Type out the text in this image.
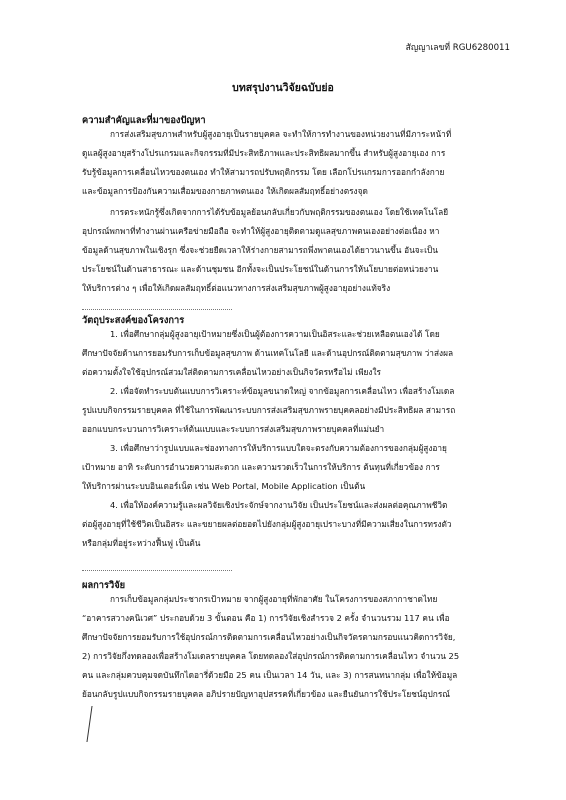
สัญญาเลขที่ RGU6280011
บทสรุปงานวิจัยฉบับย่อ
ความสำคัญและที่มาของปัญหา
การส่งเสริมสุขภาพสำหรับผู้สูงอายุเป็นรายบุคคล จะทำให้การทำงานของหน่วยงานที่มีภาระหน้าที่
ดูแลผู้สูงอายุสร้างโปรแกรมและกิจกรรมที่มีประสิทธิภาพและประสิทธิผลมากขึ้น สำหรับผู้สูงอายุเอง การ
รับรู้ข้อมูลการเคลื่อนไหวของตนเอง ทำให้สามารถปรับพฤติกรรม โดย เลือกโปรแกรมการออกกำลังกาย
และข้อมูลการป้องกันความเสื่อมของกายภาพตนเอง ให้เกิดผลสัมฤทธิ์อย่างตรงจุด
การตระหนักรู้ซึ่งเกิดจากการได้รับข้อมูลย้อนกลับเกี่ยวกับพฤติกรรมของตนเอง โดยใช้เทคโนโลยี
อุปกรณ์พกพาที่ทำงานผ่านเครือข่ายมือถือ จะทำให้ผู้สูงอายุติดตามดูแลสุขภาพตนเองอย่างต่อเนื่อง หา
ข้อมูลด้านสุขภาพในเชิงรุก ซึ่งจะช่วยยืดเวลาให้ร่างกายสามารถพึ่งพาตนเองได้ยาวนานขึ้น อันจะเป็น
ประโยชน์ในด้านสาธารณะ และด้านชุมชน อีกทั้งจะเป็นประโยชน์ในด้านการให้นโยบายต่อหน่วยงาน
ให้บริการต่าง ๆ เพื่อให้เกิดผลสัมฤทธิ์ต่อแนวทางการส่งเสริมสุขภาพผู้สูงอายุอย่างแท้จริง
วัตถุประสงค์ของโครงการ
1. เพื่อศึกษากลุ่มผู้สูงอายุเป้าหมายซึ่งเป็นผู้ต้องการความเป็นอิสระและช่วยเหลือตนเองได้ โดย
ศึกษาปัจจัยด้านการยอมรับการเก็บข้อมูลสุขภาพ ด้านเทคโนโลยี และด้านอุปกรณ์ติดตามสุขภาพ ว่าส่งผล
ต่อความตั้งใจใช้อุปกรณ์สวมใส่ติดตามการเคลื่อนไหวอย่างเป็นกิจวัตรหรือไม่ เพียงใร
2. เพื่อจัดทำระบบต้นแบบการวิเคราะห์ข้อมูลขนาดใหญ่ จากข้อมูลการเคลื่อนไหว เพื่อสร้างโมเดล
รูปแบบกิจกรรมรายบุคคล ที่ใช้ในการพัฒนาระบบการส่งเสริมสุขภาพรายบุคคลอย่างมีประสิทธิผล สามารถ
ออกแบบกระบวนการวิเคราะห์ต้นแบบและระบบการส่งเสริมสุขภาพรายบุคคลที่แม่นยำ
3. เพื่อศึกษาว่ารูปแบบและช่องทางการให้บริการแบบใดจะตรงกับความต้องการของกลุ่มผู้สูงอายุ
เป้าหมาย อาทิ ระดับการอำนวยความสะดวก และความรวดเร็วในการให้บริการ ต้นทุนที่เกี่ยวข้อง การ
ให้บริการผ่านระบบอินเตอร์เน็ต เช่น Web Portal, Mobile Application เป็นต้น
4. เพื่อให้องค์ความรู้และผลวิจัยเชิงประจักษ์จากงานวิจัย เป็นประโยชน์และส่งผลต่อคุณภาพชีวิต
ต่อผู้สูงอายุที่ใช้ชีวิตเป็นอิสระ และขยายผลต่อยอดไปยังกลุ่มผู้สูงอายุเปราะบางที่มีความเสี่ยงในการทรงตัว
หรือกลุ่มที่อยู่ระหว่างฟื้นฟู เป็นต้น
ผลการวิจัย
การเก็บข้อมูลกลุ่มประชากรเป้าหมาย จากผู้สูงอายุที่พักอาศัย ในโครงการของสภากาชาดไทย
“อาคารสวางคนิเวศ” ประกอบด้วย 3 ขั้นตอน คือ 1) การวิจัยเชิงสำรวจ 2 ครั้ง จำนวนรวม 117 คน เพื่อ
ศึกษาปัจจัยการยอมรับการใช้อุปกรณ์การติดตามการเคลื่อนไหวอย่างเป็นกิจวัตรตามกรอบแนวคิดการวิจัย,
2) การวิจัยกึ่งทดลองเพื่อสร้างโมเดลรายบุคคล โดยทดลองใส่อุปกรณ์การติดตามการเคลื่อนไหว จำนวน 25
คน และกลุ่มควบคุมจดบันทึกไดอารี่ด้วยมือ 25 คน เป็นเวลา 14 วัน, และ 3) การสนทนากลุ่ม เพื่อให้ข้อมูล
ย้อนกลับรูปแบบกิจกรรมรายบุคคล อภิปรายปัญหาอุปสรรคที่เกี่ยวข้อง และยืนยันการใช้ประโยชน์อุปกรณ์
